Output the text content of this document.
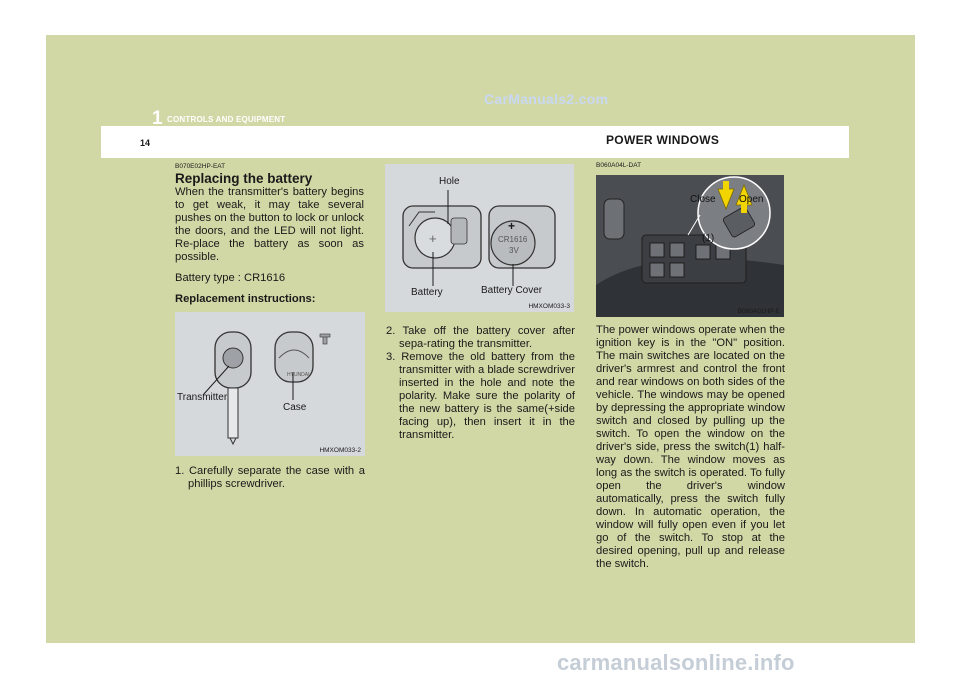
1 CONTROLS AND EQUIPMENT
CarManuals2.com
14	POWER WINDOWS
B070E02HP-EAT

Replacing the battery

When the transmitter's battery begins to get weak, it may take several pushes on the button to lock or unlock the doors, and the LED will not light. Re-place the battery as soon as possible.

Battery type : CR1616

Replacement instructions:

HYUNDAI
Transmitter
Case
HMXOM033-2

1. Carefully separate the case with a phillips screwdriver.

+
+
Hole
CR1616
3V
Battery	Battery Cover
HMXOM033-3

2. Take off the battery cover after sepa-rating the transmitter.

3. Remove the old battery from the transmitter with a blade screwdriver inserted in the hole and note the polarity. Make sure the polarity of the new battery is the same(+side facing up), then insert it in the transmitter.

B060A04L-DAT
Close Open
(1)
B060A01HP-E

The power windows operate when the ignition key is in the "ON" position. The main switches are located on the driver's armrest and control the front and rear windows on both sides of the vehicle. The windows may be opened by depressing the appropriate window switch and closed by pulling up the switch. To open the window on the driver's side, press the switch(1) half-way down. The window moves as long as the switch is operated. To fully open the driver's window automatically, press the switch fully down. In automatic operation, the window will fully open even if you let go of the switch. To stop at the desired opening, pull up and release the switch.

carmanualsonline.info
